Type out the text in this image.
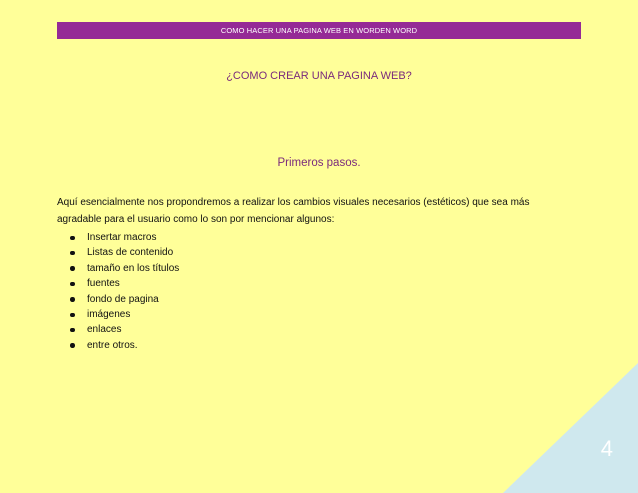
COMO HACER UNA PAGINA WEB EN WORDEN WORD
¿COMO CREAR UNA PAGINA WEB?
Primeros pasos.
Aquí esencialmente nos propondremos a realizar los cambios visuales necesarios (estéticos) que sea más agradable para el usuario como lo son por mencionar algunos:
Insertar macros
Listas de contenido
tamaño en los títulos
fuentes
fondo de pagina
imágenes
enlaces
entre otros.
4
